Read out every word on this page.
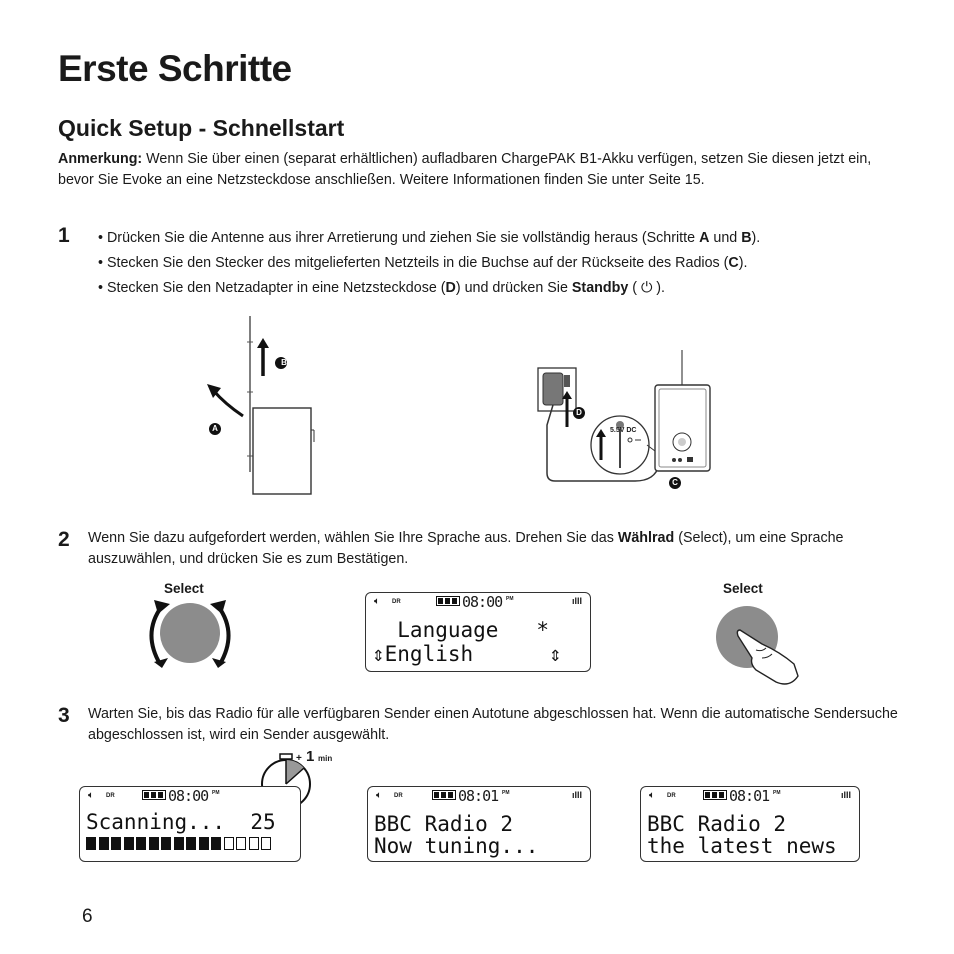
Erste Schritte
Quick Setup - Schnellstart
Anmerkung: Wenn Sie über einen (separat erhältlichen) aufladbaren ChargePAK B1-Akku verfügen, setzen Sie diesen jetzt ein, bevor Sie Evoke an eine Netzsteckdose anschließen. Weitere Informationen finden Sie unter Seite 15.
1 • Drücken Sie die Antenne aus ihrer Arretierung und ziehen Sie sie vollständig heraus (Schritte A und B).
• Stecken Sie den Stecker des mitgelieferten Netzteils in die Buchse auf der Rückseite des Radios (C).
• Stecken Sie den Netzadapter in eine Netzsteckdose (D) und drücken Sie Standby ( ⏻ ).
B
A
D
C
5.5V DC
2 Wenn Sie dazu aufgefordert werden, wählen Sie Ihre Sprache aus. Drehen Sie das Wählrad (Select), um eine Sprache auszuwählen, und drücken Sie es zum Bestätigen.
Select
🔈︎ DR	08:00 PM	ıIII
Language   *
⇕English      ⇕
Select
3 Warten Sie, bis das Radio für alle verfügbaren Sender einen Autotune abgeschlossen hat. Wenn die automatische Sendersuche abgeschlossen ist, wird ein Sender ausgewählt.
+ 1 min
🔈︎ DR	08:00 PM
Scanning...  25
🔈︎ DR	08:01 PM	ıIII
BBC Radio 2
Now tuning...
🔈︎ DR	08:01 PM	ıIII
BBC Radio 2
the latest news
6
